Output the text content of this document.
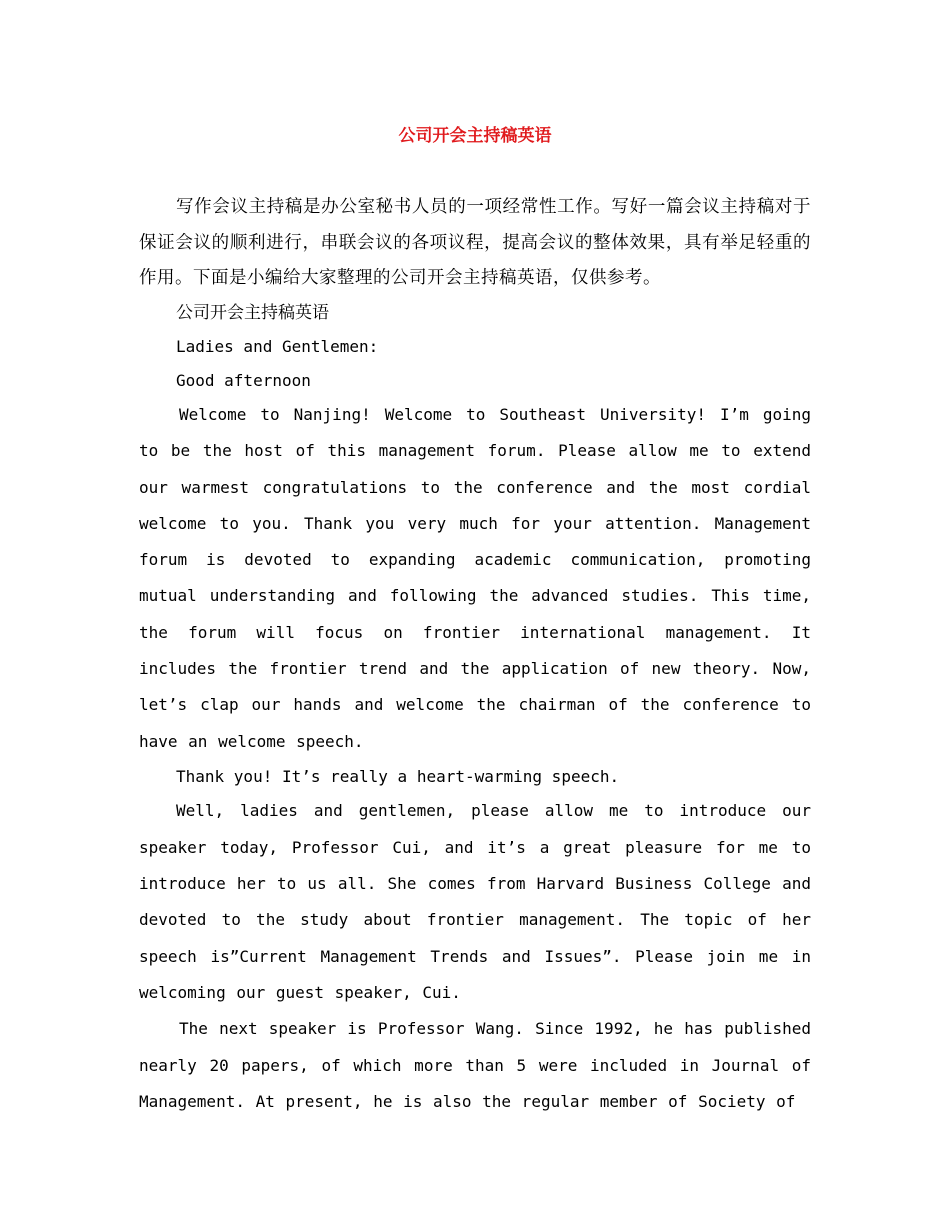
公司开会主持稿英语

写作会议主持稿是办公室秘书人员的一项经常性工作。写好一篇会议主持稿对于保证会议的顺利进行，串联会议的各项议程，提高会议的整体效果，具有举足轻重的作用。下面是小编给大家整理的公司开会主持稿英语，仅供参考。

公司开会主持稿英语

Ladies and Gentlemen:

Good afternoon

Welcome to Nanjing! Welcome to Southeast University! I’m going to be the host of this management forum. Please allow me to extend our warmest congratulations to the conference and the most cordial welcome to you. Thank you very much for your attention. Management forum is devoted to expanding academic communication, promoting mutual understanding and following the advanced studies. This time, the forum will focus on frontier international management. It includes the frontier trend and the application of new theory. Now, let’s clap our hands and welcome the chairman of the conference to have an welcome speech.

Thank you! It’s really a heart-warming speech.

Well, ladies and gentlemen, please allow me to introduce our speaker today, Professor Cui, and it’s a great pleasure for me to introduce her to us all. She comes from Harvard Business College and devoted to the study about frontier management. The topic of her speech is”Current Management Trends and Issues”. Please join me in welcoming our guest speaker, Cui.

The next speaker is Professor Wang. Since 1992, he has published nearly 20 papers, of which more than 5 were included in Journal of Management. At present, he is also the regular member of Society of
